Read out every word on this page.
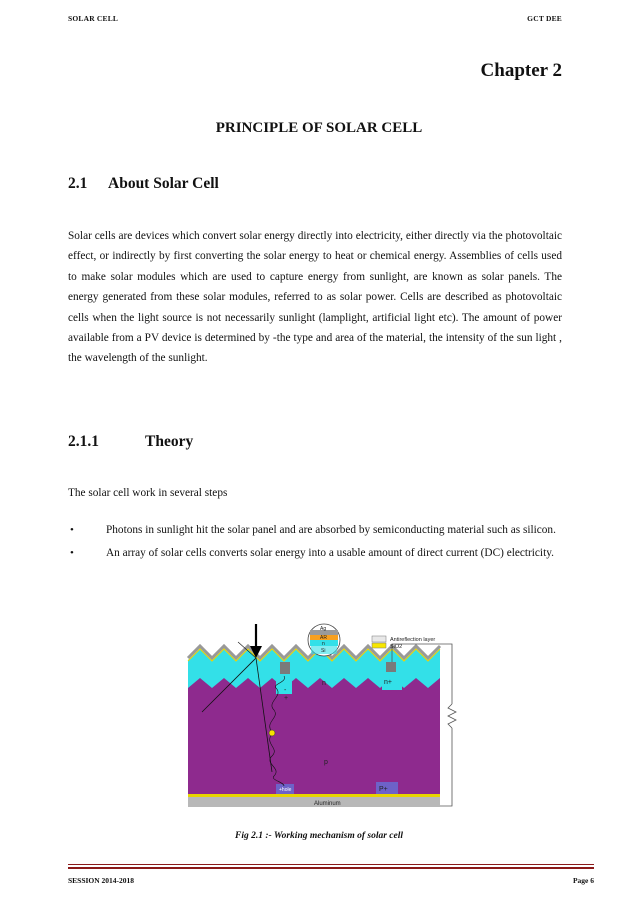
SOLAR CELL	GCT DEE
Chapter 2
PRINCIPLE OF SOLAR CELL
2.1 About Solar Cell

Solar cells are devices which convert solar energy directly into electricity, either directly via the photovoltaic effect, or indirectly by first converting the solar energy to heat or chemical energy. Assemblies of cells used to make solar modules which are used to capture energy from sunlight, are known as solar panels. The energy generated from these solar modules, referred to as solar power. Cells are described as photovoltaic cells when the light source is not necessarily sunlight (lamplight, artificial light etc). The amount of power available from a PV device is determined by -the type and area of the material, the intensity of the sun light , the wavelength of the sunlight.

2.1.1	Theory
The solar cell work in several steps
•	Photons in sunlight hit the solar panel and are absorbed by semiconducting material such as silicon.
•	An array of solar cells converts solar energy into a usable amount of direct current (DC) electricity.
-
+
n	n+
p
+hole	P+
Aluminum
Ag
AR
n
Si
Antireflection layer
SiO2
Fig 2.1 :- Working mechanism of solar cell
SESSION 2014-2018	Page 6
